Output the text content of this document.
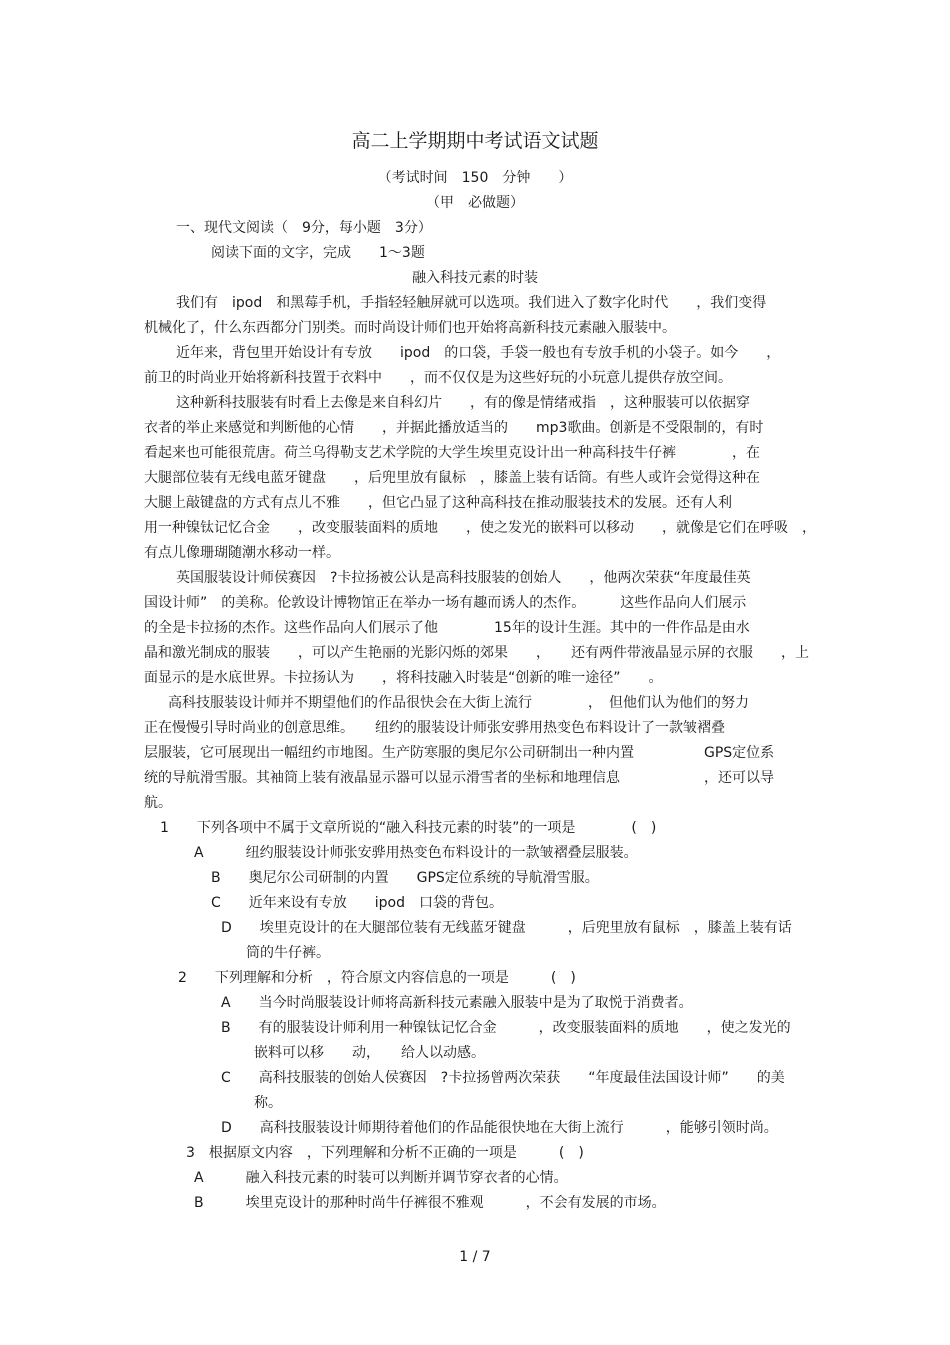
高二上学期期中考试语文试题
（考试时间　150　分钟　　）
（甲　必做题）
一、现代文阅读（　9分，每小题　3分）
阅读下面的文字，完成　　1～3题
融入科技元素的时装
我们有　ipod　和黑莓手机，手指轻轻触屏就可以选项。我们进入了数字化时代　　，我们变得
机械化了，什么东西都分门别类。而时尚设计师们也开始将高新科技元素融入服装中。
近年来，背包里开始设计有专放　　ipod　的口袋，手袋一般也有专放手机的小袋子。如今　　，
前卫的时尚业开始将新科技置于衣料中　　，而不仅仅是为这些好玩的小玩意儿提供存放空间。
这种新科技服装有时看上去像是来自科幻片　　，有的像是情绪戒指　，这种服装可以依据穿
衣者的举止来感觉和判断他的心情　　，并据此播放适当的　　mp3歌曲。创新是不受限制的，有时
看起来也可能很荒唐。荷兰乌得勒支艺术学院的大学生埃里克设计出一种高科技牛仔裤　　　　，在
大腿部位装有无线电蓝牙键盘　　，后兜里放有鼠标　，膝盖上装有话筒。有些人或许会觉得这种在
大腿上敲键盘的方式有点儿不雅　　，但它凸显了这种高科技在推动服装技术的发展。还有人利
用一种镍钛记忆合金　　，改变服装面料的质地　　，使之发光的嵌料可以移动　　，就像是它们在呼吸　，
有点儿像珊瑚随潮水移动一样。
英国服装设计师侯赛因　?卡拉扬被公认是高科技服装的创始人　　，他两次荣获“年度最佳英
国设计师”　的美称。伦敦设计博物馆正在举办一场有趣而诱人的杰作。　　　这些作品向人们展示
的全是卡拉扬的杰作。这些作品向人们展示了他　　　　15年的设计生涯。其中的一件作品是由水
晶和激光制成的服装　　，可以产生艳丽的光影闪烁的郊果　　，　　还有两件带液晶显示屏的衣服　　，上
面显示的是水底世界。卡拉扬认为　　，将科技融入时装是“创新的唯一途径”　　。
高科技服装设计师并不期望他们的作品很快会在大街上流行　　　　，　但他们认为他们的努力
正在慢慢引导时尚业的创意思维。　　纽约的服装设计师张安骅用热变色布料设计了一款皱褶叠
层服装，它可展现出一幅纽约市地图。生产防寒服的奥尼尔公司研制出一种内置　　　　　GPS定位系
统的导航滑雪服。其袖筒上装有液晶显示器可以显示滑雪者的坐标和地理信息　　　　　　，还可以导
航。
1　　下列各项中不属于文章所说的“融入科技元素的时装”的一项是　　　　(　)
A　　　纽约服装设计师张安骅用热变色布料设计的一款皱褶叠层服装。
B　　奥尼尔公司研制的内置　　GPS定位系统的导航滑雪服。
C　　近年来设有专放　　ipod　口袋的背包。
D　　埃里克设计的在大腿部位装有无线蓝牙键盘　　　，后兜里放有鼠标　，膝盖上装有话
筒的牛仔裤。
2　　下列理解和分析　，符合原文内容信息的一项是　　　(　)
A　　当今时尚服装设计师将高新科技元素融入服装中是为了取悦于消费者。
B　　有的服装设计师利用一种镍钛记忆合金　　　，改变服装面料的质地　　，使之发光的
嵌料可以移　　动，　　给人以动感。
C　　高科技服装的创始人侯赛因　?卡拉扬曾两次荣获　　“年度最佳法国设计师”　　的美
称。
D　　高科技服装设计师期待着他们的作品能很快地在大街上流行　　　，能够引领时尚。
3　根据原文内容　，下列理解和分析不正确的一项是　　　(　)
A　　　融入科技元素的时装可以判断并调节穿衣者的心情。
B　　　埃里克设计的那种时尚牛仔裤很不雅观　　　，不会有发展的市场。
1 / 7
